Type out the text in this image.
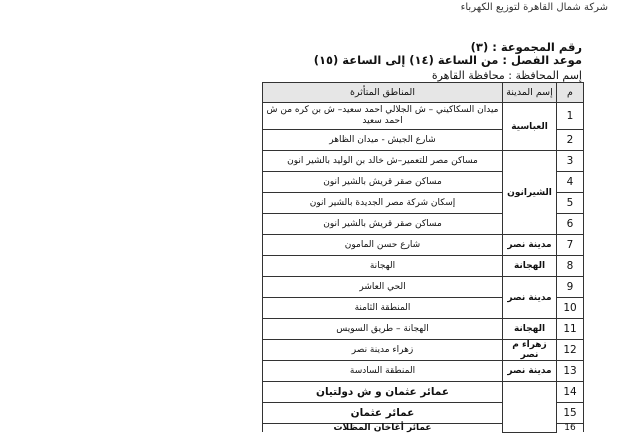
شركة شمال القاهرة لتوزيع الكهرباء
رقم المجموعة : (٣)
موعد الفصل : من الساعة (١٤) إلى الساعة (١٥)
إسم المحافظة : محافظة القاهرة
م	إسم المدينة	المناطق المتأثرة
1	العباسية	ميدان السكاكيني – ش الجلالي احمد سعيد– ش بن كره من ش احمد سعيد
2		شارع الجيش - ميدان الظاهر
3	الشيرانون	مساكن مصر للتعمير–ش خالد بن الوليد بالشير انون
4		مساكن صقر قريش بالشير انون
5		إسكان شركة مصر الجديدة بالشير انون
6		مساكن صقر قريش بالشير انون
7	مدينة نصر	شارع حسن المامون
8	الهجانة	الهجانة
9	مدينة نصر	الحي العاشر
10		المنطقة الثامنة
11	الهجانة	الهجانة – طريق السويس
12	زهراء م نصر	زهراء مدينة نصر
13	مدينة نصر	المنطقة السادسة
14		عمائر عثمان و ش دولتيان
15		عمائر عثمان
16		عمائر أغاخان المظلات
